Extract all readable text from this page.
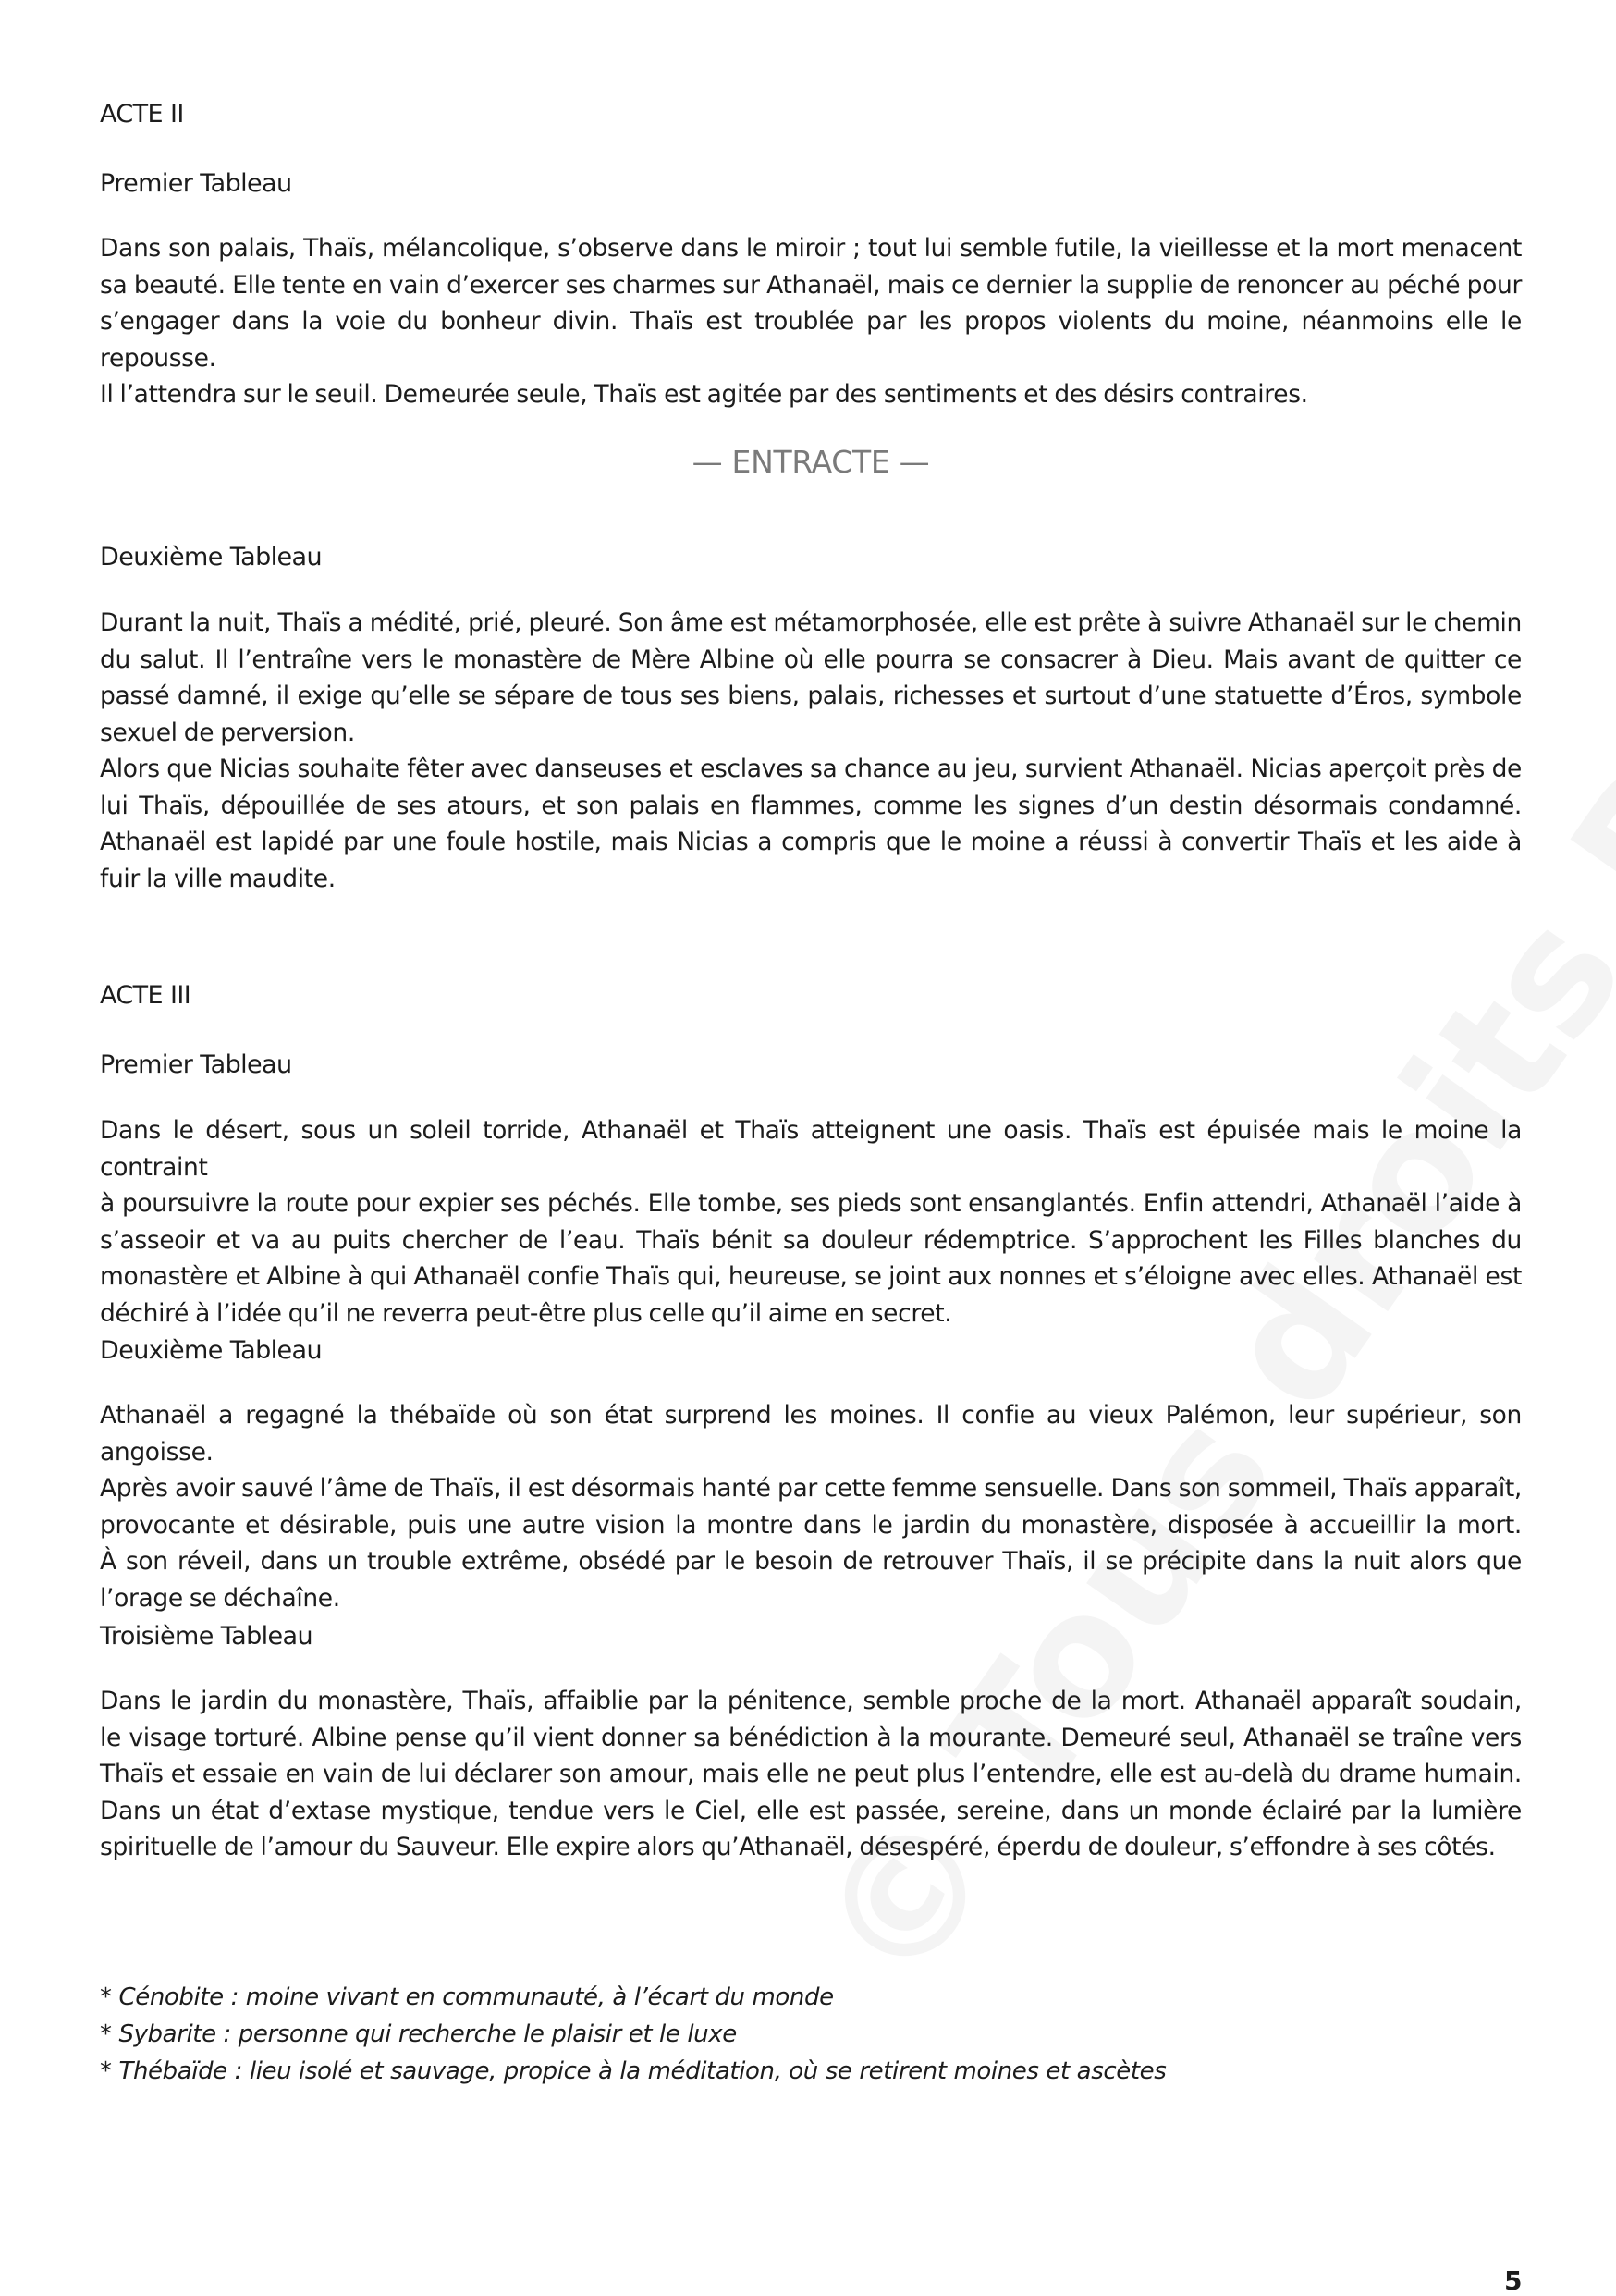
ACTE II
Premier Tableau

Dans son palais, Thaïs, mélancolique, s’observe dans le miroir ; tout lui semble futile, la vieillesse et la mort menacent
sa beauté. Elle tente en vain d’exercer ses charmes sur Athanaël, mais ce dernier la supplie de renoncer au péché pour
s’engager dans la voie du bonheur divin. Thaïs est troublée par les propos violents du moine, néanmoins elle le repousse.
Il l’attendra sur le seuil. Demeurée seule, Thaïs est agitée par des sentiments et des désirs contraires.

— ENTRACTE —
Deuxième Tableau

Durant la nuit, Thaïs a médité, prié, pleuré. Son âme est métamorphosée, elle est prête à suivre Athanaël sur le chemin
du salut. Il l’entraîne vers le monastère de Mère Albine où elle pourra se consacrer à Dieu. Mais avant de quitter ce
passé damné, il exige qu’elle se sépare de tous ses biens, palais, richesses et surtout d’une statuette d’Éros, symbole
sexuel de perversion.
Alors que Nicias souhaite fêter avec danseuses et esclaves sa chance au jeu, survient Athanaël. Nicias aperçoit près de
lui Thaïs, dépouillée de ses atours, et son palais en flammes, comme les signes d’un destin désormais condamné.
Athanaël est lapidé par une foule hostile, mais Nicias a compris que le moine a réussi à convertir Thaïs et les aide à
fuir la ville maudite.

ACTE III
Premier Tableau

Dans le désert, sous un soleil torride, Athanaël et Thaïs atteignent une oasis. Thaïs est épuisée mais le moine la contraint
à poursuivre la route pour expier ses péchés. Elle tombe, ses pieds sont ensanglantés. Enfin attendri, Athanaël l’aide à
s’asseoir et va au puits chercher de l’eau. Thaïs bénit sa douleur rédemptrice. S’approchent les Filles blanches du
monastère et Albine à qui Athanaël confie Thaïs qui, heureuse, se joint aux nonnes et s’éloigne avec elles. Athanaël est
déchiré à l’idée qu’il ne reverra peut-être plus celle qu’il aime en secret.

Deuxième Tableau

Athanaël a regagné la thébaïde où son état surprend les moines. Il confie au vieux Palémon, leur supérieur, son angoisse.
Après avoir sauvé l’âme de Thaïs, il est désormais hanté par cette femme sensuelle. Dans son sommeil, Thaïs apparaît,
provocante et désirable, puis une autre vision la montre dans le jardin du monastère, disposée à accueillir la mort.
À son réveil, dans un trouble extrême, obsédé par le besoin de retrouver Thaïs, il se précipite dans la nuit alors que
l’orage se déchaîne.

Troisième Tableau

Dans le jardin du monastère, Thaïs, affaiblie par la pénitence, semble proche de la mort. Athanaël apparaît soudain,
le visage torturé. Albine pense qu’il vient donner sa bénédiction à la mourante. Demeuré seul, Athanaël se traîne vers
Thaïs et essaie en vain de lui déclarer son amour, mais elle ne peut plus l’entendre, elle est au-delà du drame humain.
Dans un état d’extase mystique, tendue vers le Ciel, elle est passée, sereine, dans un monde éclairé par la lumière
spirituelle de l’amour du Sauveur. Elle expire alors qu’Athanaël, désespéré, éperdu de douleur, s’effondre à ses côtés.

* Cénobite : moine vivant en communauté, à l’écart du monde
* Sybarite : personne qui recherche le plaisir et le luxe
* Thébaïde : lieu isolé et sauvage, propice à la méditation, où se retirent moines et ascètes
5
